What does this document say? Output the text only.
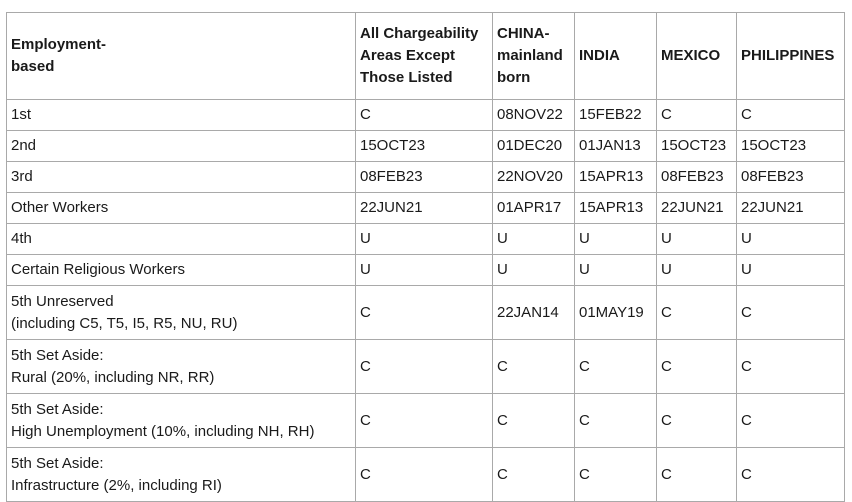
Employment-
based	All Chargeability
Areas Except
Those Listed	CHINA-
mainland
born	INDIA	MEXICO	PHILIPPINES

1st	C	08NOV22	15FEB22	C	C

2nd	15OCT23	01DEC20	01JAN13	15OCT23	15OCT23

3rd	08FEB23	22NOV20	15APR13	08FEB23	08FEB23

Other Workers	22JUN21	01APR17	15APR13	22JUN21	22JUN21

4th	U	U	U	U	U

Certain Religious Workers	U	U	U	U	U

5th Unreserved
(including C5, T5, I5, R5, NU, RU)	C	22JAN14	01MAY19	C	C

5th Set Aside:
Rural (20%, including NR, RR)	C	C	C	C	C

5th Set Aside:
High Unemployment (10%, including NH, RH)	C	C	C	C	C

5th Set Aside:
Infrastructure (2%, including RI)	C	C	C	C	C
